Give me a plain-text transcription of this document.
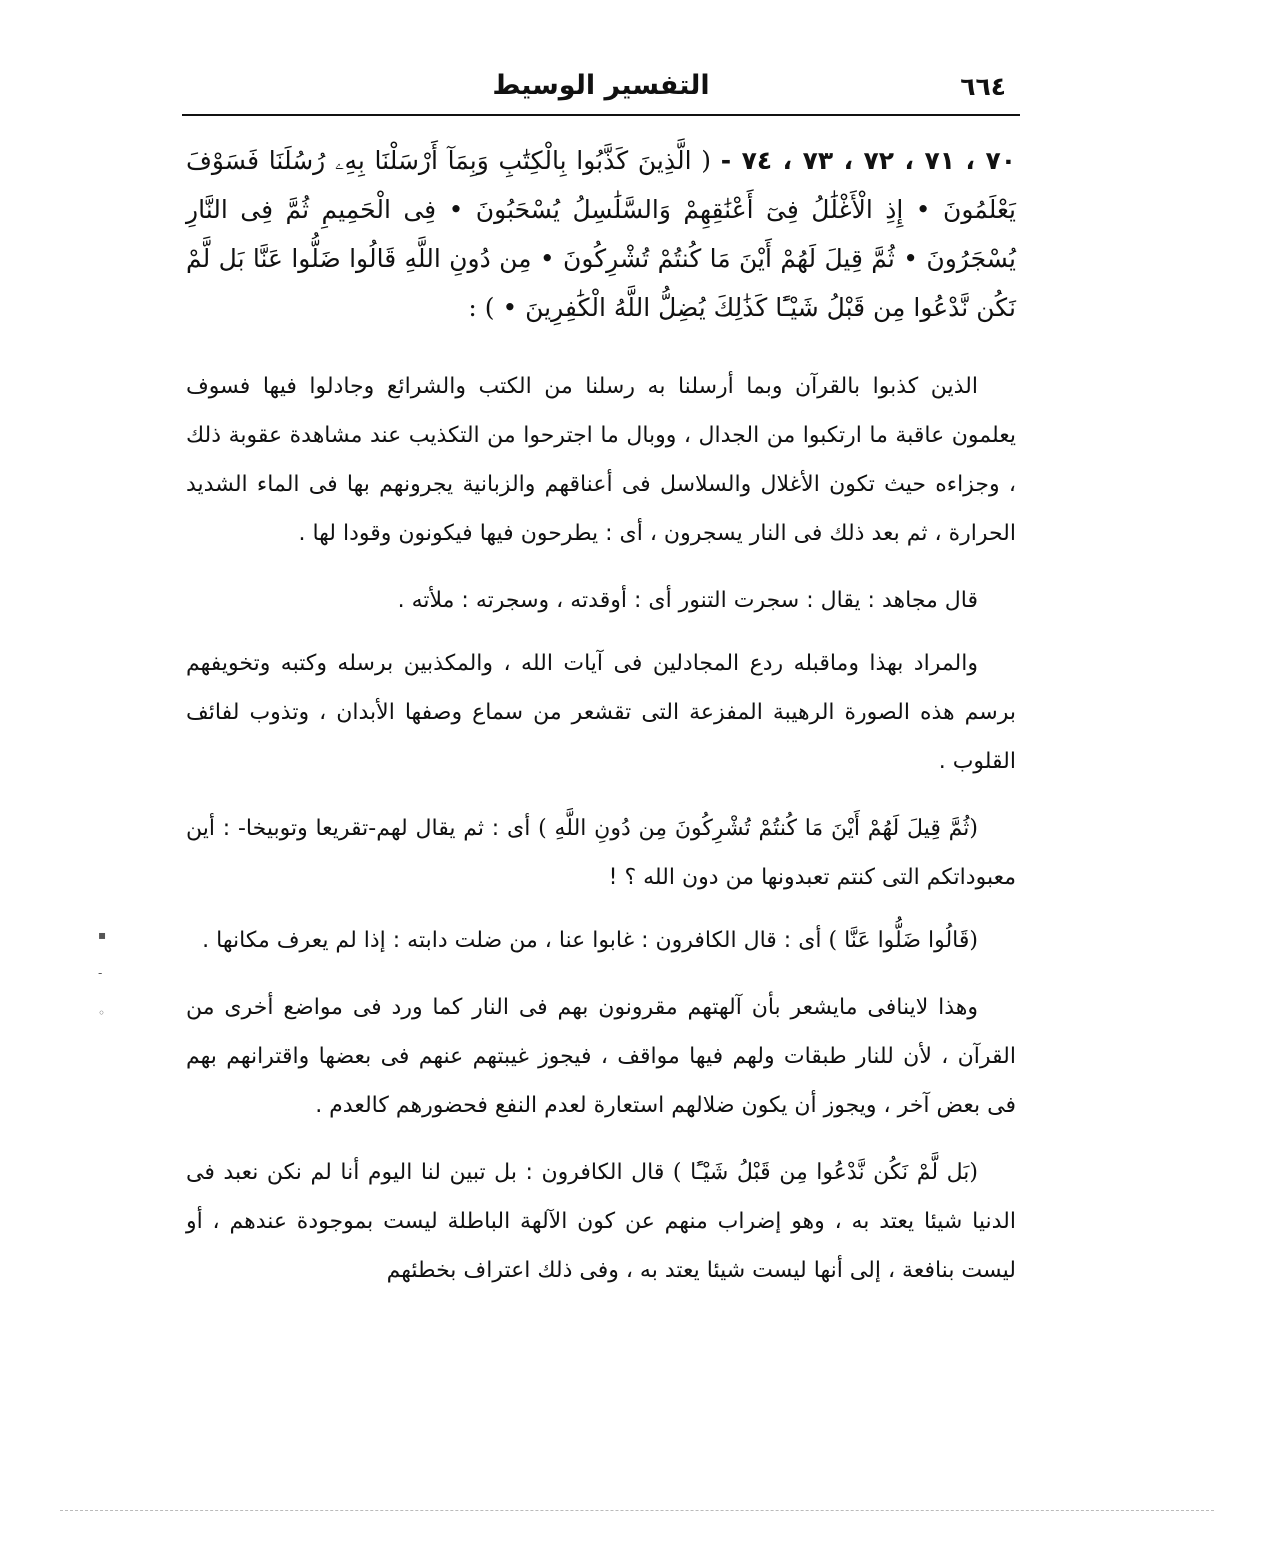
٦٦٤
التفسير الوسيط
٧٠ ، ٧١ ، ٧٢ ، ٧٣ ، ٧٤ - ( الَّذِينَ كَذَّبُوا بِالْكِتَٰبِ وَبِمَآ أَرْسَلْنَا بِهِۦ رُسُلَنَا فَسَوْفَ يَعْلَمُونَ • إِذِ الْأَغْلَٰلُ فِىٓ أَعْنَٰقِهِمْ وَالسَّلَٰسِلُ يُسْحَبُونَ • فِى الْحَمِيمِ ثُمَّ فِى النَّارِ يُسْجَرُونَ • ثُمَّ قِيلَ لَهُمْ أَيْنَ مَا كُنتُمْ تُشْرِكُونَ • مِن دُونِ اللَّهِ قَالُوا ضَلُّوا عَنَّا بَل لَّمْ نَكُن نَّدْعُوا مِن قَبْلُ شَيْـًٔا كَذَٰلِكَ يُضِلُّ اللَّهُ الْكَٰفِرِينَ • ) :

الذين كذبوا بالقرآن وبما أرسلنا به رسلنا من الكتب والشرائع وجادلوا فيها فسوف يعلمون عاقبة ما ارتكبوا من الجدال ، ووبال ما اجترحوا من التكذيب عند مشاهدة عقوبة ذلك ، وجزاءه حيث تكون الأغلال والسلاسل فى أعناقهم والزبانية يجرونهم بها فى الماء الشديد الحرارة ، ثم بعد ذلك فى النار يسجرون ، أى : يطرحون فيها فيكونون وقودا لها .

قال مجاهد : يقال : سجرت التنور أى : أوقدته ، وسجرته : ملأته .

والمراد بهذا وماقبله ردع المجادلين فى آيات الله ، والمكذبين برسله وكتبه وتخويفهم برسم هذه الصورة الرهيبة المفزعة التى تقشعر من سماع وصفها الأبدان ، وتذوب لفائف القلوب .

(ثُمَّ قِيلَ لَهُمْ أَيْنَ مَا كُنتُمْ تُشْرِكُونَ مِن دُونِ اللَّهِ ) أى : ثم يقال لهم-تقريعا وتوبيخا- : أين معبوداتكم التى كنتم تعبدونها من دون الله ؟ !

(قَالُوا ضَلُّوا عَنَّا ) أى : قال الكافرون : غابوا عنا ، من ضلت دابته : إذا لم يعرف مكانها .

وهذا لاينافى مايشعر بأن آلهتهم مقرونون بهم فى النار كما ورد فى مواضع أخرى من القرآن ، لأن للنار طبقات ولهم فيها مواقف ، فيجوز غيبتهم عنهم فى بعضها واقترانهم بهم فى بعض آخر ، ويجوز أن يكون ضلالهم استعارة لعدم النفع فحضورهم كالعدم .

(بَل لَّمْ نَكُن نَّدْعُوا مِن قَبْلُ شَيْـًٔا ) قال الكافرون : بل تبين لنا اليوم أنا لم نكن نعبد فى الدنيا شيئا يعتد به ، وهو إضراب منهم عن كون الآلهة الباطلة ليست بموجودة عندهم ، أو ليست بنافعة ، إلى أنها ليست شيئا يعتد به ، وفى ذلك اعتراف بخطئهم

▪
-
◦
